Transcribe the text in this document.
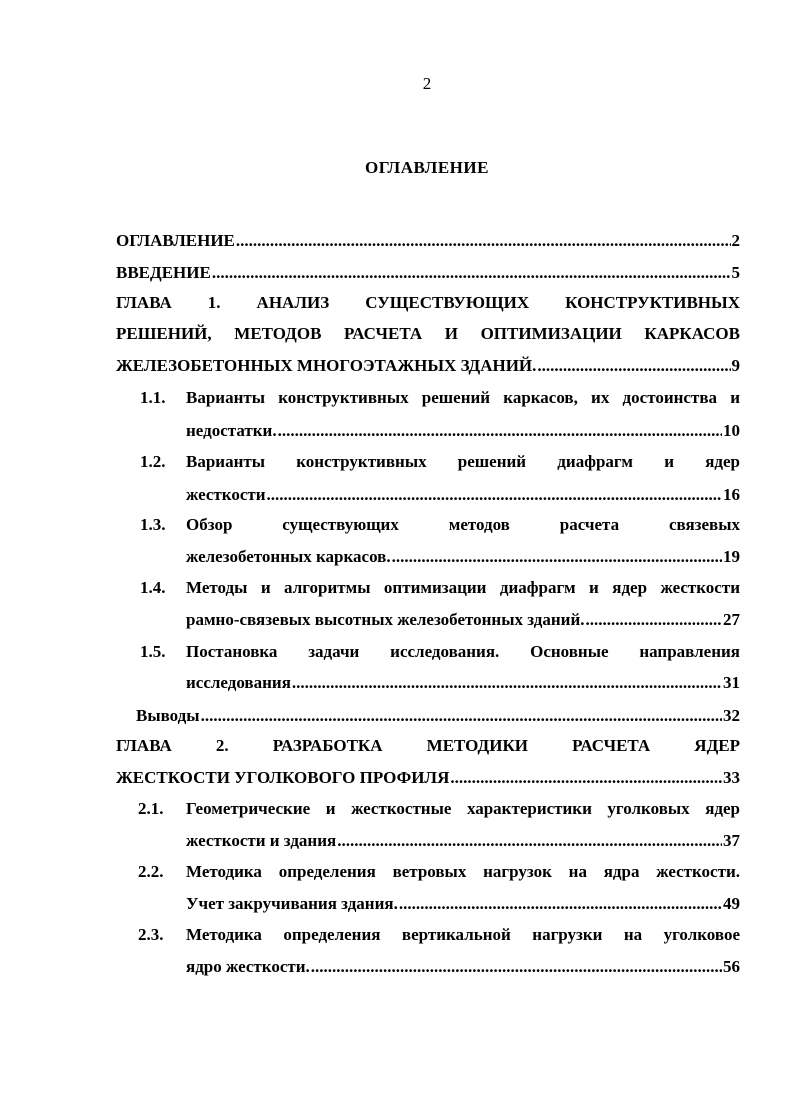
2
ОГЛАВЛЕНИЕ
ОГЛАВЛЕНИЕ .....	2
ВВЕДЕНИЕ .....	5
ГЛАВА 1. АНАЛИЗ СУЩЕСТВУЮЩИХ КОНСТРУКТИВНЫХ
РЕШЕНИЙ, МЕТОДОВ РАСЧЕТА И ОПТИМИЗАЦИИ КАРКАСОВ
ЖЕЛЕЗОБЕТОННЫХ МНОГОЭТАЖНЫХ ЗДАНИЙ. .....	9
1.1. Варианты конструктивных решений каркасов, их достоинства и
недостатки. .....	10
1.2. Варианты конструктивных решений диафрагм и ядер
жесткости .....	16
1.3. Обзор существующих методов расчета связевых
железобетонных каркасов. .....	19
1.4. Методы и алгоритмы оптимизации диафрагм и ядер жесткости
рамно-связевых высотных железобетонных зданий. .....	27
1.5. Постановка задачи исследования. Основные направления
исследования .....	31
Выводы .....	32
ГЛАВА 2. РАЗРАБОТКА МЕТОДИКИ РАСЧЕТА ЯДЕР
ЖЕСТКОСТИ УГОЛКОВОГО ПРОФИЛЯ .....	33
2.1. Геометрические и жесткостные характеристики уголковых ядер
жесткости и здания .....	37
2.2. Методика определения ветровых нагрузок на ядра жесткости.
Учет закручивания здания. .....	49
2.3. Методика определения вертикальной нагрузки на уголковое
ядро жесткости. .....	56
